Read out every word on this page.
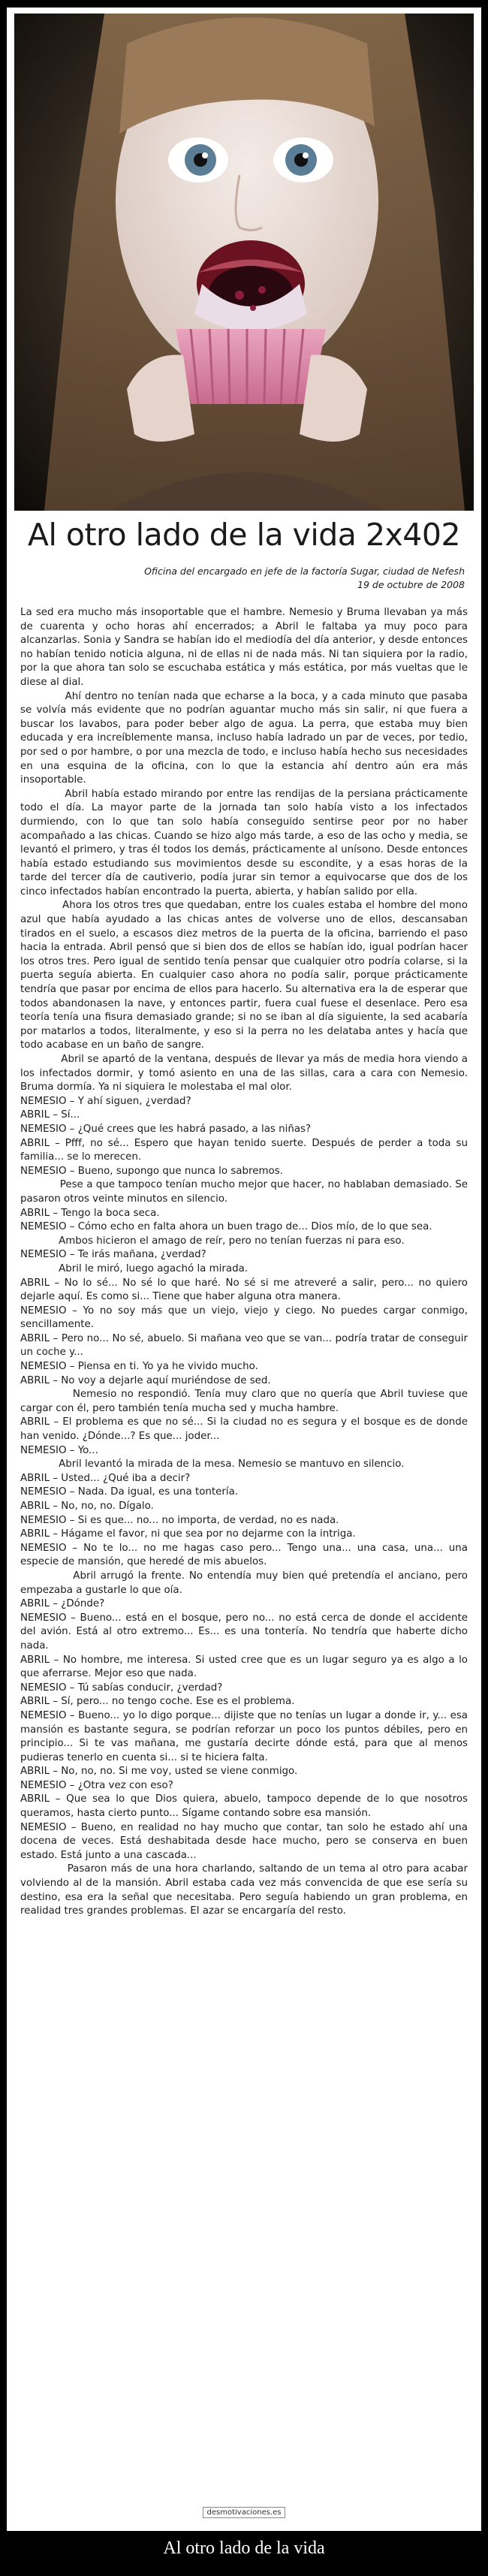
Al otro lado de la vida 2x402
Oficina del encargado en jefe de la factoría Sugar, ciudad de Nefesh
19 de octubre de 2008
La sed era mucho más insoportable que el hambre. Nemesio y Bruma llevaban ya más de cuarenta y ocho horas ahí encerrados; a Abril le faltaba ya muy poco para alcanzarlas. Sonia y Sandra se habían ido el mediodía del día anterior, y desde entonces no habían tenido noticia alguna, ni de ellas ni de nada más. Ni tan siquiera por la radio, por la que ahora tan solo se escuchaba estática y más estática, por más vueltas que le diese al dial.
Ahí dentro no tenían nada que echarse a la boca, y a cada minuto que pasaba se volvía más evidente que no podrían aguantar mucho más sin salir, ni que fuera a buscar los lavabos, para poder beber algo de agua. La perra, que estaba muy bien educada y era increíblemente mansa, incluso había ladrado un par de veces, por tedio, por sed o por hambre, o por una mezcla de todo, e incluso había hecho sus necesidades en una esquina de la oficina, con lo que la estancia ahí dentro aún era más insoportable.
Abril había estado mirando por entre las rendijas de la persiana prácticamente todo el día. La mayor parte de la jornada tan solo había visto a los infectados durmiendo, con lo que tan solo había conseguido sentirse peor por no haber acompañado a las chicas. Cuando se hizo algo más tarde, a eso de las ocho y media, se levantó el primero, y tras él todos los demás, prácticamente al unísono. Desde entonces había estado estudiando sus movimientos desde su escondite, y a esas horas de la tarde del tercer día de cautiverio, podía jurar sin temor a equivocarse que dos de los cinco infectados habían encontrado la puerta, abierta, y habían salido por ella.
Ahora los otros tres que quedaban, entre los cuales estaba el hombre del mono azul que había ayudado a las chicas antes de volverse uno de ellos, descansaban tirados en el suelo, a escasos diez metros de la puerta de la oficina, barriendo el paso hacia la entrada. Abril pensó que si bien dos de ellos se habían ido, igual podrían hacer los otros tres. Pero igual de sentido tenía pensar que cualquier otro podría colarse, si la puerta seguía abierta. En cualquier caso ahora no podía salir, porque prácticamente tendría que pasar por encima de ellos para hacerlo. Su alternativa era la de esperar que todos abandonasen la nave, y entonces partir, fuera cual fuese el desenlace. Pero esa teoría tenía una fisura demasiado grande; si no se iban al día siguiente, la sed acabaría por matarlos a todos, literalmente, y eso si la perra no les delataba antes y hacía que todo acabase en un baño de sangre.
Abril se apartó de la ventana, después de llevar ya más de media hora viendo a los infectados dormir, y tomó asiento en una de las sillas, cara a cara con Nemesio. Bruma dormía. Ya ni siquiera le molestaba el mal olor.
NEMESIO – Y ahí siguen, ¿verdad?
ABRIL – Sí...
NEMESIO – ¿Qué crees que les habrá pasado, a las niñas?
ABRIL – Pfff, no sé... Espero que hayan tenido suerte. Después de perder a toda su familia... se lo merecen.
NEMESIO – Bueno, supongo que nunca lo sabremos.
Pese a que tampoco tenían mucho mejor que hacer, no hablaban demasiado. Se pasaron otros veinte minutos en silencio.
ABRIL – Tengo la boca seca.
NEMESIO – Cómo echo en falta ahora un buen trago de... Dios mío, de lo que sea.
Ambos hicieron el amago de reír, pero no tenían fuerzas ni para eso.
NEMESIO – Te irás mañana, ¿verdad?
Abril le miró, luego agachó la mirada.
ABRIL – No lo sé... No sé lo que haré. No sé si me atreveré a salir, pero... no quiero dejarle aquí. Es como si... Tiene que haber alguna otra manera.
NEMESIO – Yo no soy más que un viejo, viejo y ciego. No puedes cargar conmigo, sencillamente.
ABRIL – Pero no... No sé, abuelo. Si mañana veo que se van... podría tratar de conseguir un coche y...
NEMESIO – Piensa en ti. Yo ya he vivido mucho.
ABRIL – No voy a dejarle aquí muriéndose de sed.
Nemesio no respondió. Tenía muy claro que no quería que Abril tuviese que cargar con él, pero también tenía mucha sed y mucha hambre.
ABRIL – El problema es que no sé... Si la ciudad no es segura y el bosque es de donde han venido. ¿Dónde...? Es que... joder...
NEMESIO – Yo...
Abril levantó la mirada de la mesa. Nemesio se mantuvo en silencio.
ABRIL – Usted... ¿Qué iba a decir?
NEMESIO – Nada. Da igual, es una tontería.
ABRIL – No, no, no. Dígalo.
NEMESIO – Si es que... no... no importa, de verdad, no es nada.
ABRIL – Hágame el favor, ni que sea por no dejarme con la intriga.
NEMESIO – No te lo... no me hagas caso pero... Tengo una... una casa, una... una especie de mansión, que heredé de mis abuelos.
Abril arrugó la frente. No entendía muy bien qué pretendía el anciano, pero empezaba a gustarle lo que oía.
ABRIL – ¿Dónde?
NEMESIO – Bueno... está en el bosque, pero no... no está cerca de donde el accidente del avión. Está al otro extremo... Es... es una tontería. No tendría que haberte dicho nada.
ABRIL – No hombre, me interesa. Si usted cree que es un lugar seguro ya es algo a lo que aferrarse. Mejor eso que nada.
NEMESIO – Tú sabías conducir, ¿verdad?
ABRIL – Sí, pero... no tengo coche. Ese es el problema.
NEMESIO – Bueno... yo lo digo porque... dijiste que no tenías un lugar a donde ir, y... esa mansión es bastante segura, se podrían reforzar un poco los puntos débiles, pero en principio... Si te vas mañana, me gustaría decirte dónde está, para que al menos pudieras tenerlo en cuenta si... si te hiciera falta.
ABRIL – No, no, no. Si me voy, usted se viene conmigo.
NEMESIO – ¿Otra vez con eso?
ABRIL – Que sea lo que Dios quiera, abuelo, tampoco depende de lo que nosotros queramos, hasta cierto punto... Sígame contando sobre esa mansión.
NEMESIO – Bueno, en realidad no hay mucho que contar, tan solo he estado ahí una docena de veces. Está deshabitada desde hace mucho, pero se conserva en buen estado. Está junto a una cascada...
Pasaron más de una hora charlando, saltando de un tema al otro para acabar volviendo al de la mansión. Abril estaba cada vez más convencida de que ese sería su destino, esa era la señal que necesitaba. Pero seguía habiendo un gran problema, en realidad tres grandes problemas. El azar se encargaría del resto.
desmotivaciones.es
Al otro lado de la vida
